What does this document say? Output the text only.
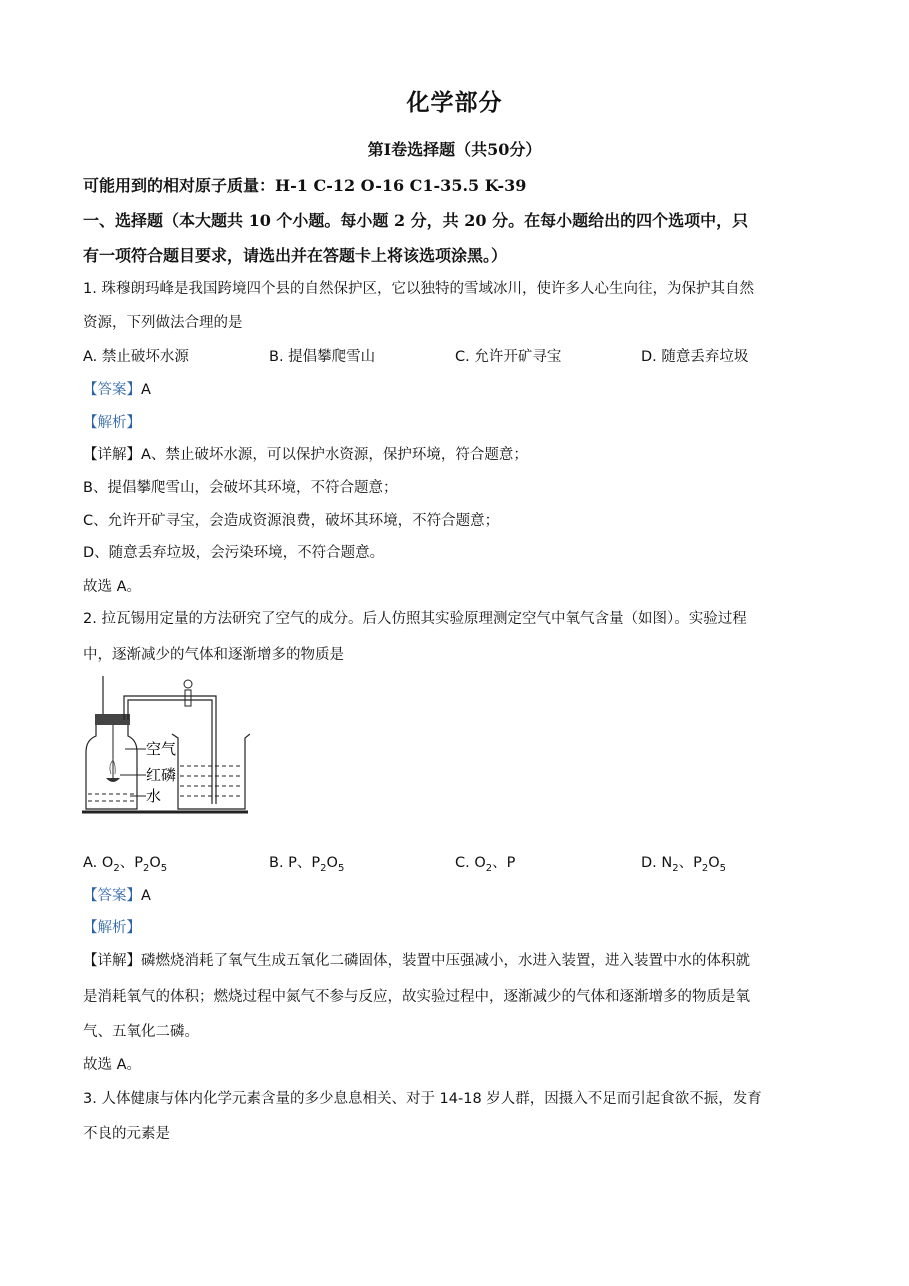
化学部分
第I卷选择题（共50分）
可能用到的相对原子质量：H-1 C-12 O-16 C1-35.5 K-39
一、选择题（本大题共 10 个小题。每小题 2 分，共 20 分。在每小题给出的四个选项中，只
有一项符合题目要求，请选出并在答题卡上将该选项涂黑。）
1. 珠穆朗玛峰是我国跨境四个县的自然保护区，它以独特的雪域冰川，使许多人心生向往，为保护其自然
资源，下列做法合理的是
A. 禁止破坏水源	B. 提倡攀爬雪山	C. 允许开矿寻宝	D. 随意丢弃垃圾
【答案】A
【解析】
【详解】A、禁止破坏水源，可以保护水资源，保护环境，符合题意；
B、提倡攀爬雪山，会破坏其环境，不符合题意；
C、允许开矿寻宝，会造成资源浪费，破坏其环境，不符合题意；
D、随意丢弃垃圾，会污染环境，不符合题意。
故选 A。
2. 拉瓦锡用定量的方法研究了空气的成分。后人仿照其实验原理测定空气中氧气含量（如图）。实验过程
中，逐渐减少的气体和逐渐增多的物质是
空气
红磷
水
A. $O_2$、$P_2O_5$	B. P、$P_2O_5$	C. $O_2$、P	D. $N_2$、$P_2O_5$
【答案】A
【解析】
【详解】磷燃烧消耗了氧气生成五氧化二磷固体，装置中压强减小，水进入装置，进入装置中水的体积就
是消耗氧气的体积；燃烧过程中氮气不参与反应，故实验过程中，逐渐减少的气体和逐渐增多的物质是氧
气、五氧化二磷。
故选 A。
3. 人体健康与体内化学元素含量的多少息息相关、对于 14-18 岁人群，因摄入不足而引起食欲不振，发育
不良的元素是
